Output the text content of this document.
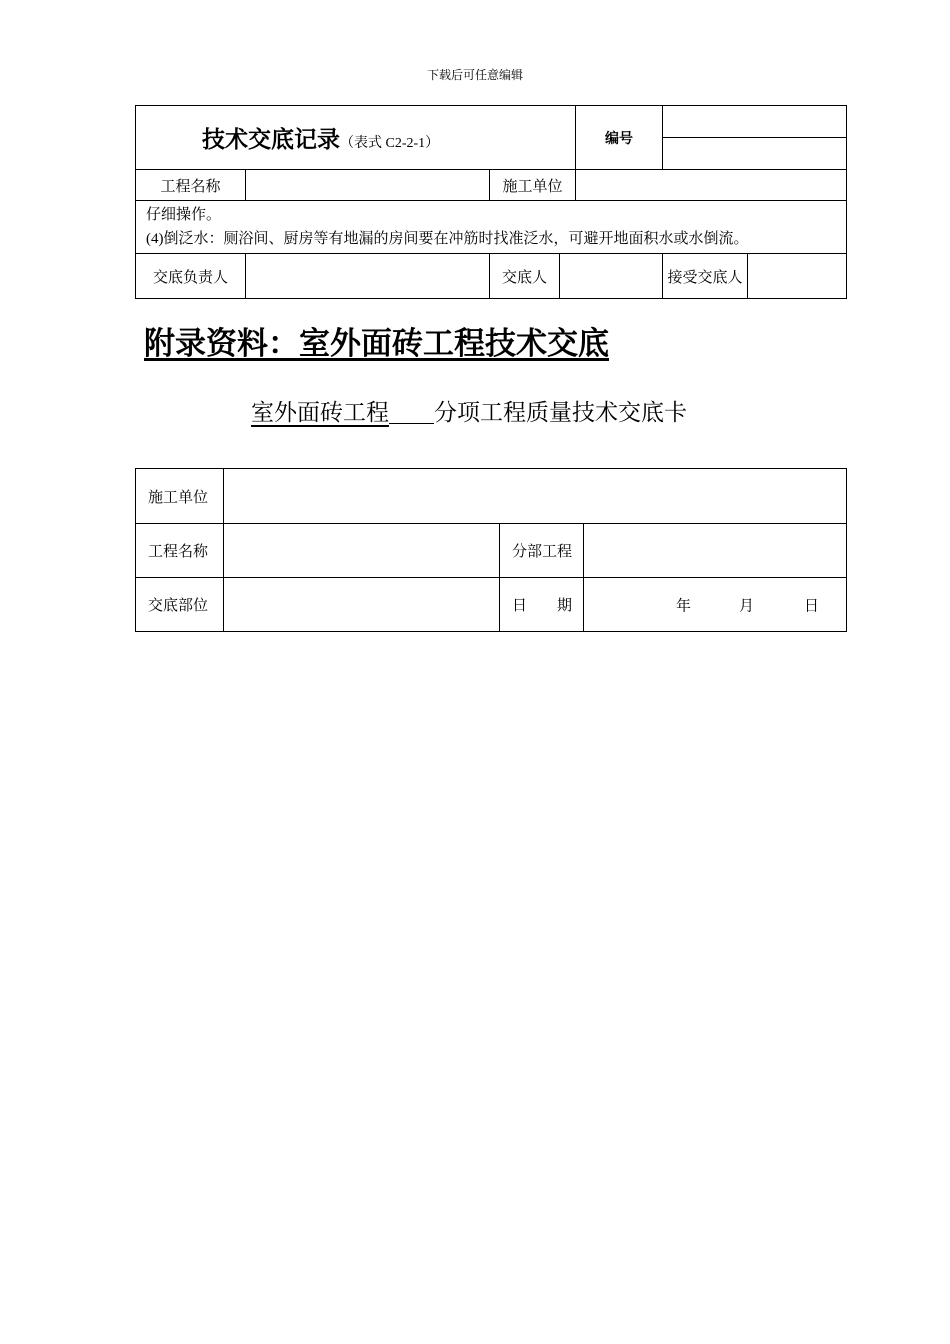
下载后可任意编辑
技术交底记录（表式 C2-2-1）				编号		

工程名称		施工单位				

仔细操作。
(4)倒泛水：厕浴间、厨房等有地漏的房间要在冲筋时找准泛水，可避开地面积水或水倒流。						

交底负责人		交底人			接受交底人	
附录资料：室外面砖工程技术交底
室外面砖工程 分项工程质量技术交底卡
施工单位			
工程名称		分部工程	
交底部位		日　　期	年 月 日
